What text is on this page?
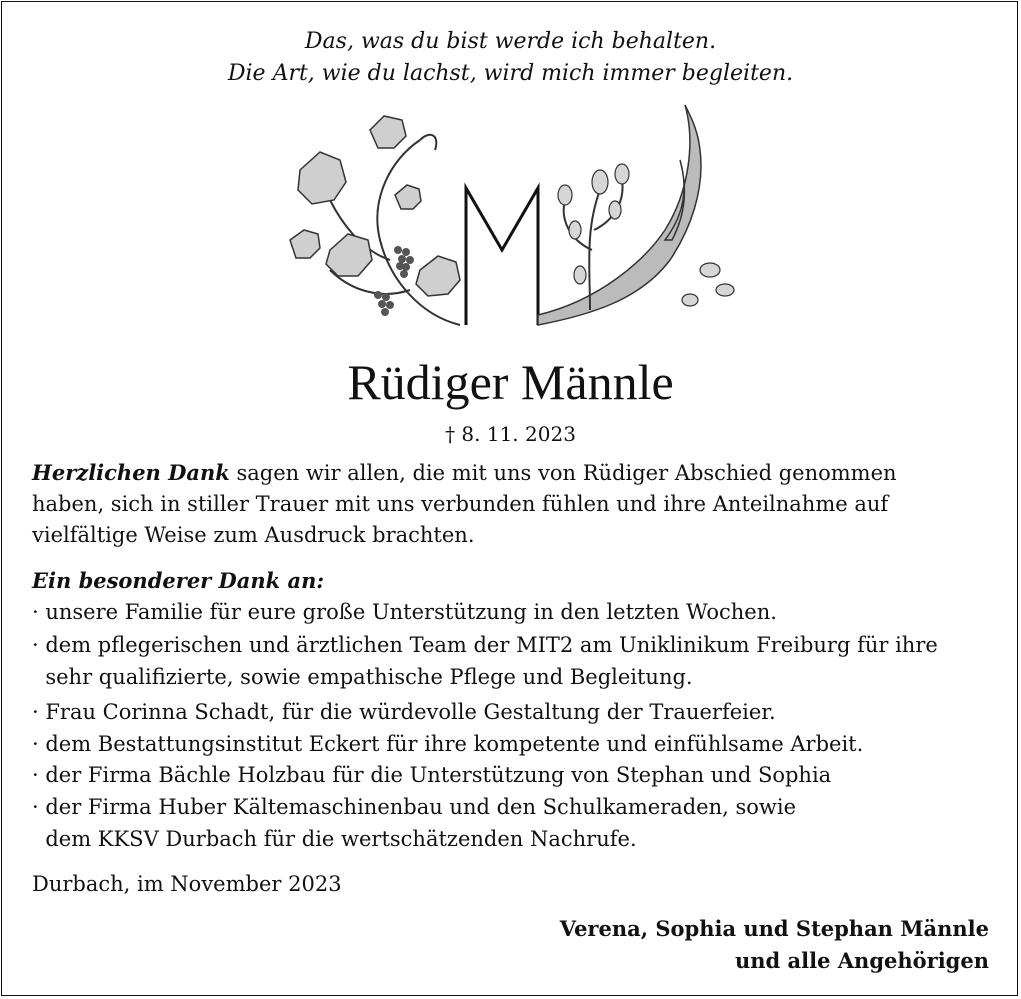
Das, was du bist werde ich behalten.
Die Art, wie du lachst, wird mich immer begleiten.
Rüdiger Männle
† 8. 11. 2023
Herzlichen Dank sagen wir allen, die mit uns von Rüdiger Abschied genommen
haben, sich in stiller Trauer mit uns verbunden fühlen und ihre Anteilnahme auf
vielfältige Weise zum Ausdruck brachten.
Ein besonderer Dank an:
· unsere Familie für eure große Unterstützung in den letzten Wochen.
· dem pflegerischen und ärztlichen Team der MIT2 am Uniklinikum Freiburg für ihre
sehr qualifizierte, sowie empathische Pflege und Begleitung.
· Frau Corinna Schadt, für die würdevolle Gestaltung der Trauerfeier.
· dem Bestattungsinstitut Eckert für ihre kompetente und einfühlsame Arbeit.
· der Firma Bächle Holzbau für die Unterstützung von Stephan und Sophia
· der Firma Huber Kältemaschinenbau und den Schulkameraden, sowie
dem KKSV Durbach für die wertschätzenden Nachrufe.
Durbach, im November 2023
Verena, Sophia und Stephan Männle
und alle Angehörigen
